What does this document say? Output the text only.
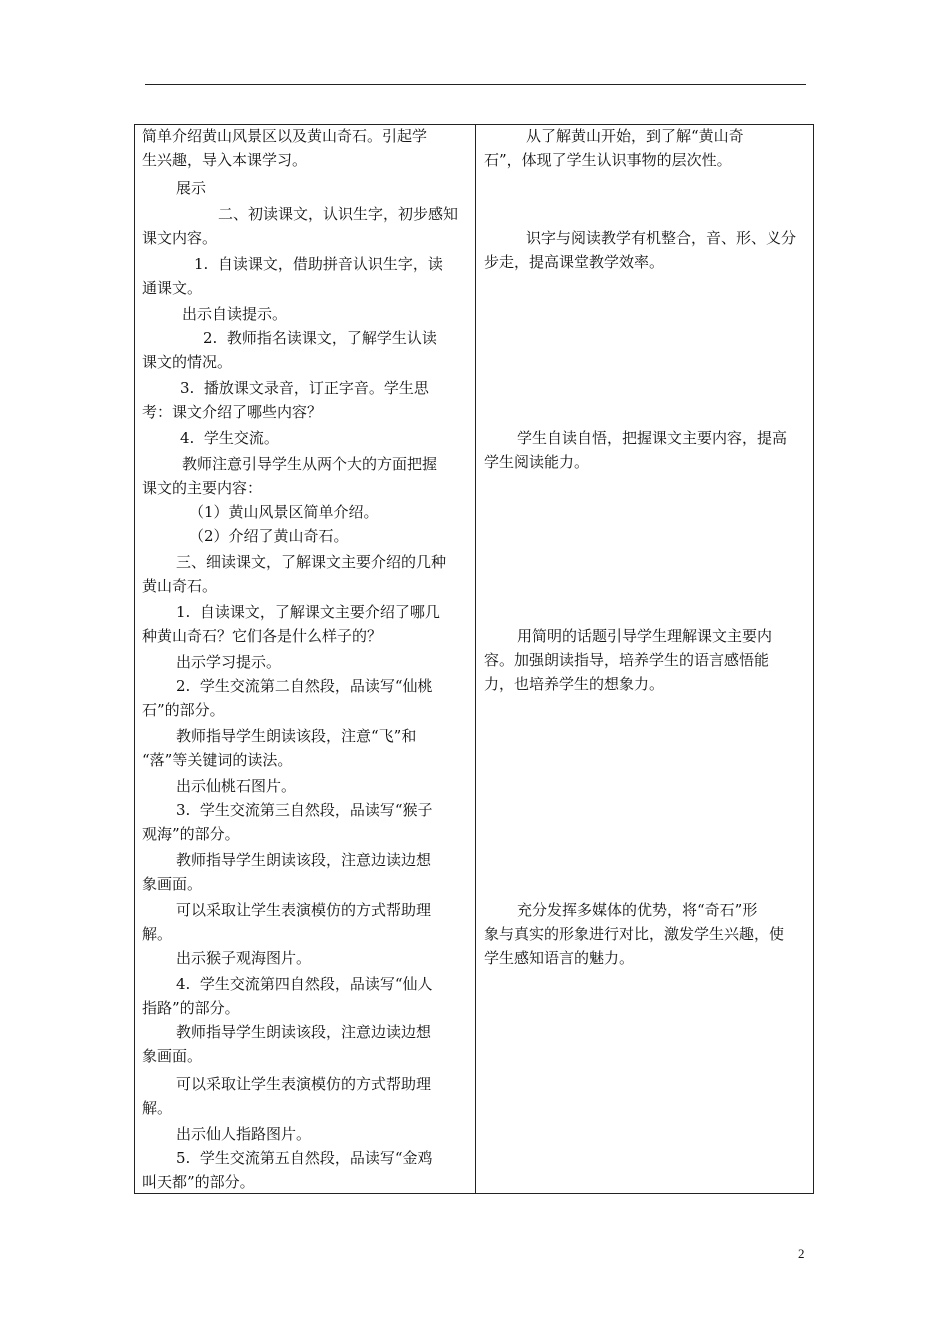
简单介绍黄山风景区以及黄山奇石。引起学
生兴趣，导入本课学习。
展示
二、初读课文，认识生字，初步感知
课文内容。
1.  自读课文，借助拼音认识生字，读
通课文。
出示自读提示。
2.  教师指名读课文，了解学生认读
课文的情况。
3.  播放课文录音，订正字音。学生思
考：课文介绍了哪些内容？
4.  学生交流。
教师注意引导学生从两个大的方面把握
课文的主要内容：
（1）黄山风景区简单介绍。
（2）介绍了黄山奇石。
三、细读课文，了解课文主要介绍的几种
黄山奇石。
1.  自读课文，了解课文主要介绍了哪几
种黄山奇石？它们各是什么样子的？
出示学习提示。
2.  学生交流第二自然段，品读写“仙桃
石”的部分。
教师指导学生朗读该段，注意“飞”和
“落”等关键词的读法。
出示仙桃石图片。
3.  学生交流第三自然段，品读写“猴子
观海”的部分。
教师指导学生朗读该段，注意边读边想
象画面。
可以采取让学生表演模仿的方式帮助理
解。
出示猴子观海图片。
4.  学生交流第四自然段，品读写“仙人
指路”的部分。
教师指导学生朗读该段，注意边读边想
象画面。
可以采取让学生表演模仿的方式帮助理
解。
出示仙人指路图片。
5.  学生交流第五自然段，品读写“金鸡
叫天都”的部分。
从了解黄山开始，到了解“黄山奇
石”，体现了学生认识事物的层次性。
识字与阅读教学有机整合，音、形、义分
步走，提高课堂教学效率。
学生自读自悟，把握课文主要内容，提高
学生阅读能力。
用简明的话题引导学生理解课文主要内
容。加强朗读指导，培养学生的语言感悟能
力，也培养学生的想象力。
充分发挥多媒体的优势，将“奇石”形
象与真实的形象进行对比，激发学生兴趣，使
学生感知语言的魅力。
2
